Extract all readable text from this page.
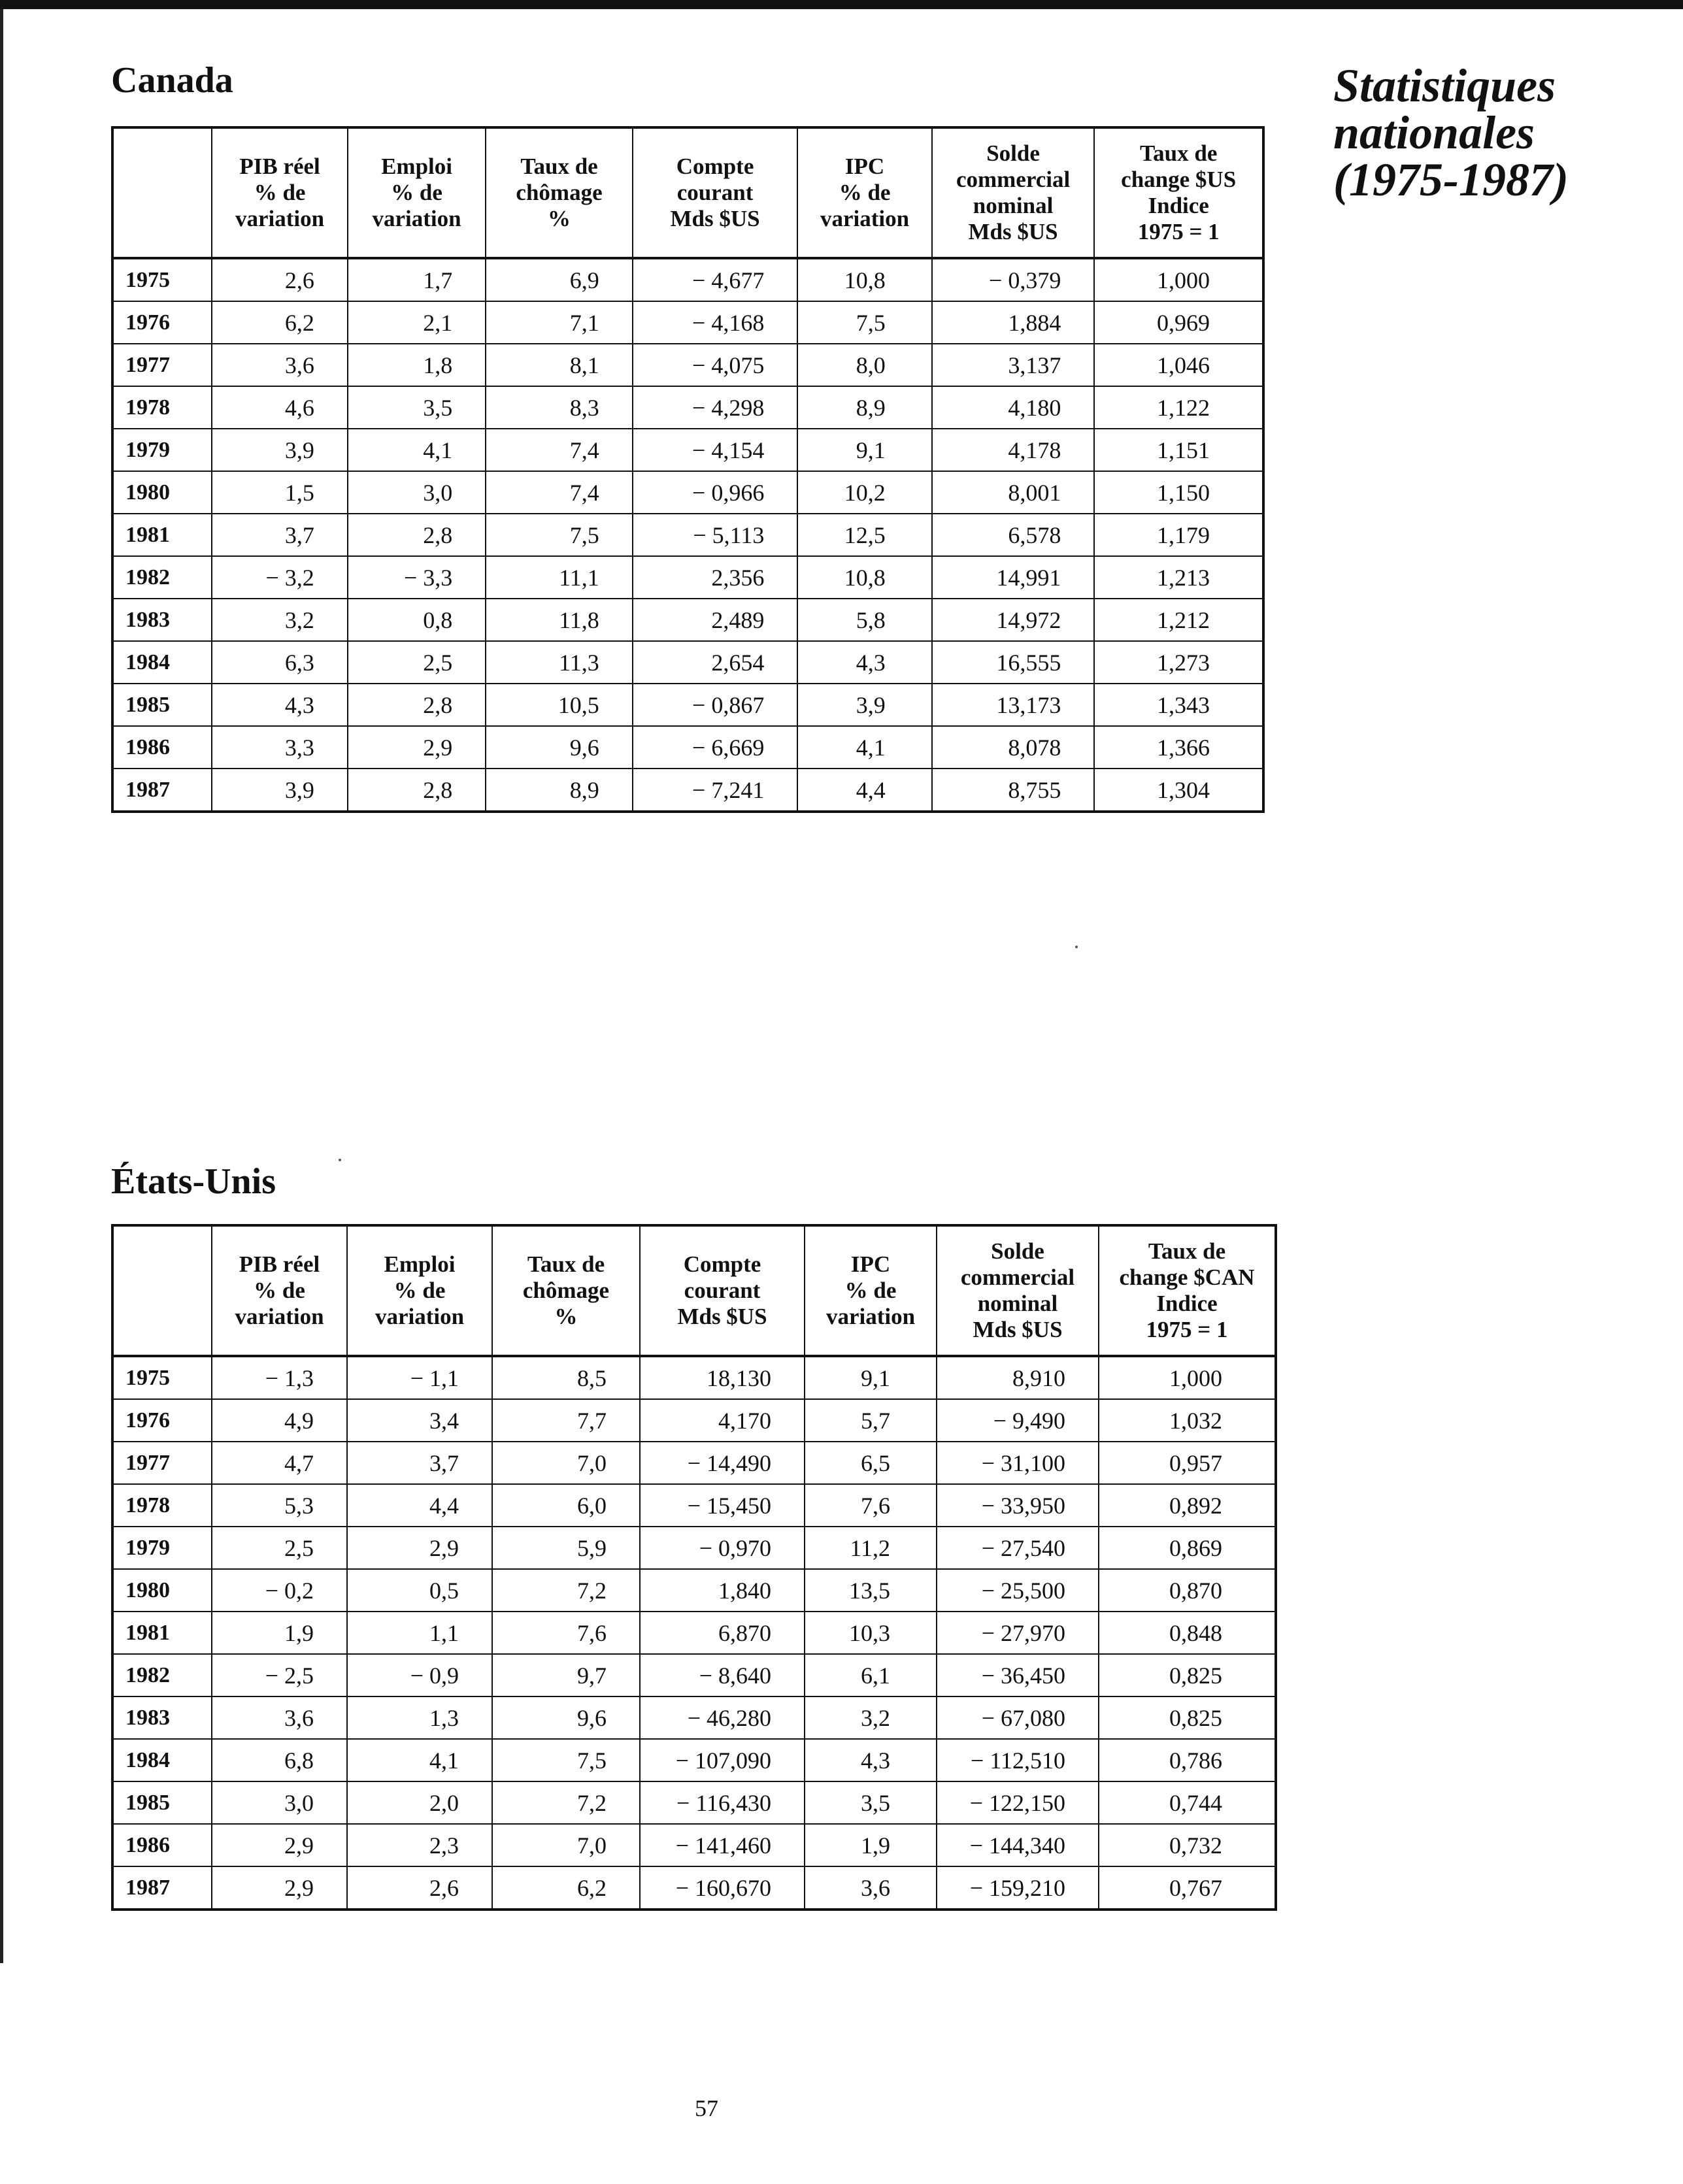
Canada	Statistiques
nationales
(1975-1987)

	PIB réel
% de
variation	Emploi
% de
variation	Taux de
chômage
%	Compte
courant
Mds $US	IPC
% de
variation	Solde
commercial
nominal
Mds $US	Taux de
change $US
Indice
1975 = 1

1975	2,6	1,7	6,9	− 4,677	10,8	− 0,379	1,000
1976	6,2	2,1	7,1	− 4,168	7,5	1,884	0,969
1977	3,6	1,8	8,1	− 4,075	8,0	3,137	1,046
1978	4,6	3,5	8,3	− 4,298	8,9	4,180	1,122
1979	3,9	4,1	7,4	− 4,154	9,1	4,178	1,151
1980	1,5	3,0	7,4	− 0,966	10,2	8,001	1,150
1981	3,7	2,8	7,5	− 5,113	12,5	6,578	1,179
1982	− 3,2	− 3,3	11,1	2,356	10,8	14,991	1,213
1983	3,2	0,8	11,8	2,489	5,8	14,972	1,212
1984	6,3	2,5	11,3	2,654	4,3	16,555	1,273
1985	4,3	2,8	10,5	− 0,867	3,9	13,173	1,343
1986	3,3	2,9	9,6	− 6,669	4,1	8,078	1,366
1987	3,9	2,8	8,9	− 7,241	4,4	8,755	1,304
États-Unis

	PIB réel
% de
variation	Emploi
% de
variation	Taux de
chômage
%	Compte
courant
Mds $US	IPC
% de
variation	Solde
commercial
nominal
Mds $US	Taux de
change $CAN
Indice
1975 = 1

1975	− 1,3	− 1,1	8,5	18,130	9,1	8,910	1,000
1976	4,9	3,4	7,7	4,170	5,7	− 9,490	1,032
1977	4,7	3,7	7,0	− 14,490	6,5	− 31,100	0,957
1978	5,3	4,4	6,0	− 15,450	7,6	− 33,950	0,892
1979	2,5	2,9	5,9	− 0,970	11,2	− 27,540	0,869
1980	− 0,2	0,5	7,2	1,840	13,5	− 25,500	0,870
1981	1,9	1,1	7,6	6,870	10,3	− 27,970	0,848
1982	− 2,5	− 0,9	9,7	− 8,640	6,1	− 36,450	0,825
1983	3,6	1,3	9,6	− 46,280	3,2	− 67,080	0,825
1984	6,8	4,1	7,5	− 107,090	4,3	− 112,510	0,786
1985	3,0	2,0	7,2	− 116,430	3,5	− 122,150	0,744
1986	2,9	2,3	7,0	− 141,460	1,9	− 144,340	0,732
1987	2,9	2,6	6,2	− 160,670	3,6	− 159,210	0,767
57
